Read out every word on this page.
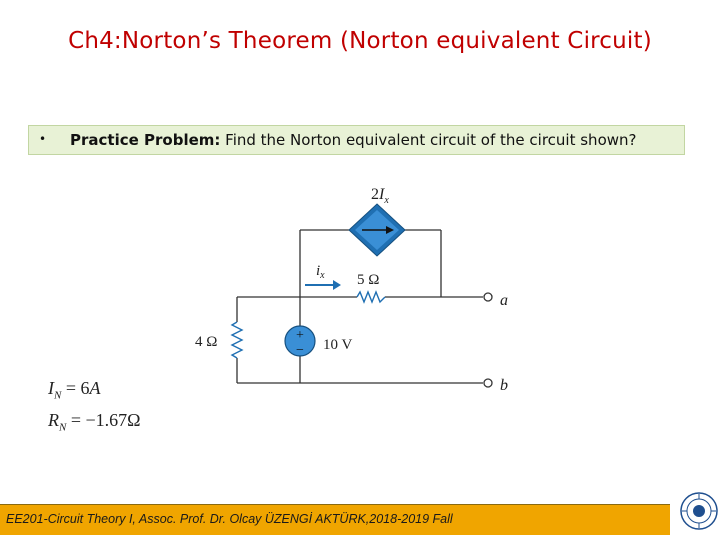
Ch4:Norton’s Theorem (Norton equivalent Circuit)
• Practice Problem: Find the Norton equivalent circuit of the circuit shown?
+
−
$2I_x$
$i_x$ 5 Ω
4 Ω	10 V
a
b
$I_N = 6A$
$R_N = -1.67\Omega$
EE201-Circuit Theory I, Assoc. Prof. Dr. Olcay ÜZENGİ AKTÜRK,2018-2019 Fall
